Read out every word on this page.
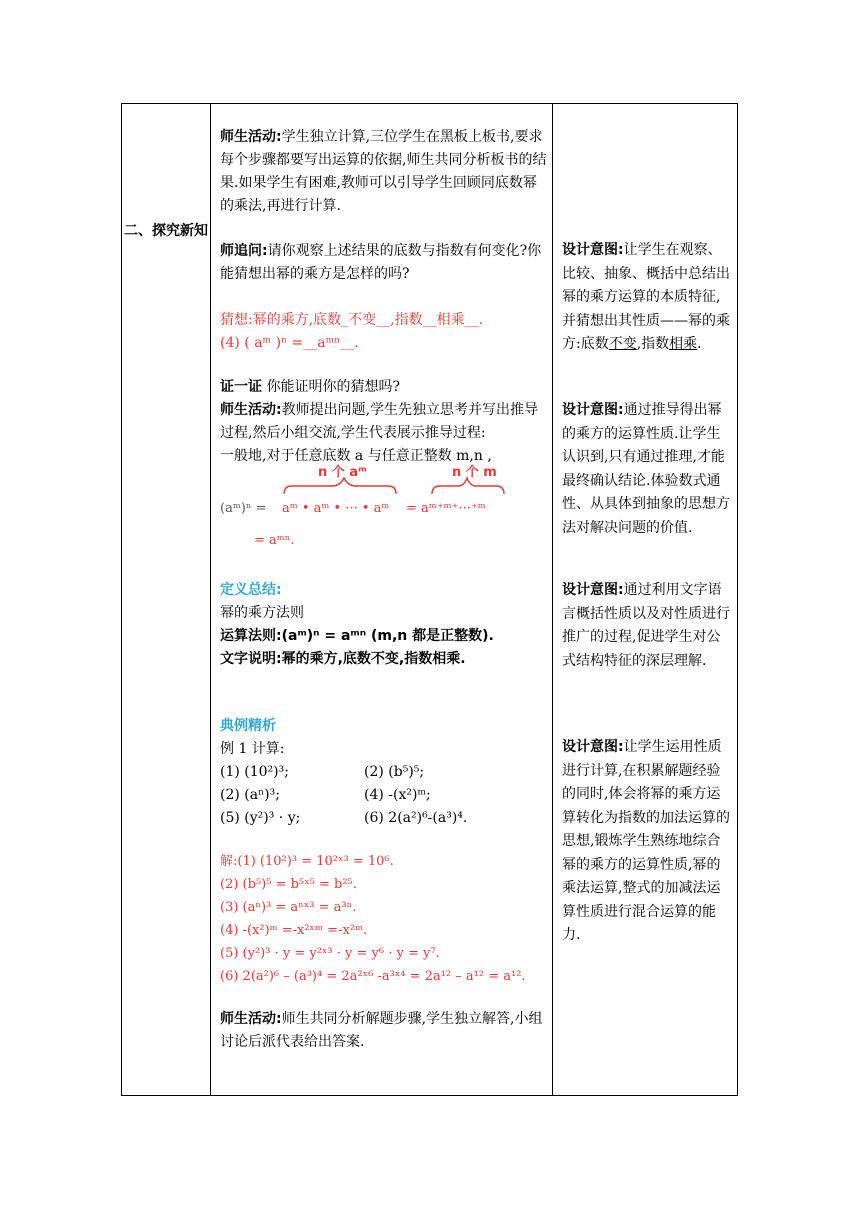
二、探究新知
师生活动:学生独立计算,三位学生在黑板上板书,要求每个步骤都要写出运算的依据,师生共同分析板书的结果.如果学生有困难,教师可以引导学生回顾同底数幂的乘法,再进行计算.
师追问:请你观察上述结果的底数与指数有何变化?你能猜想出幂的乘方是怎样的吗?
猜想:幂的乘方,底数_不变__,指数__相乘__.
(4) ( aᵐ )ⁿ =__aᵐⁿ__.
证一证 你能证明你的猜想吗?
师生活动:教师提出问题,学生先独立思考并写出推导过程,然后小组交流,学生代表展示推导过程:
一般地,对于任意底数 a 与任意正整数 m,n ,
n 个 aᵐ	n 个 m
(aᵐ)ⁿ = aᵐ • aᵐ • ··· • aᵐ = aᵐ⁺ᵐ⁺···⁺ᵐ
= aᵐⁿ.
定义总结:
幂的乘方法则
运算法则:(aᵐ)ⁿ = aᵐⁿ (m,n 都是正整数).
文字说明:幂的乘方,底数不变,指数相乘.
典例精析
例 1 计算:
(1) (10²)³;	(2) (b⁵)⁵;
(2) (aⁿ)³;	(4) -(x²)ᵐ;
(5) (y²)³ · y;	(6) 2(a²)⁶-(a³)⁴.
解:(1) (10²)³ = 10²ˣ³ = 10⁶.
(2) (b⁵)⁵ = b⁵ˣ⁵ = b²⁵.
(3) (aⁿ)³ = aⁿˣ³ = a³ⁿ.
(4) -(x²)ᵐ =-x²ˣᵐ =-x²ᵐ.
(5) (y²)³ · y = y²ˣ³ · y = y⁶ · y = y⁷.
(6) 2(a²)⁶ – (a³)⁴ = 2a²ˣ⁶ -a³ˣ⁴ = 2a¹² – a¹² = a¹².
师生活动:师生共同分析解题步骤,学生独立解答,小组讨论后派代表给出答案.
设计意图:让学生在观察、比较、抽象、概括中总结出幂的乘方运算的本质特征,并猜想出其性质——幂的乘方:底数不变,指数相乘.
设计意图:通过推导得出幂的乘方的运算性质.让学生认识到,只有通过推理,才能最终确认结论.体验数式通性、从具体到抽象的思想方法对解决问题的价值.
设计意图:通过利用文字语言概括性质以及对性质进行推广的过程,促进学生对公式结构特征的深层理解.
设计意图:让学生运用性质进行计算,在积累解题经验的同时,体会将幂的乘方运算转化为指数的加法运算的思想,锻炼学生熟练地综合幂的乘方的运算性质,幂的乘法运算,整式的加减法运算性质进行混合运算的能力.
